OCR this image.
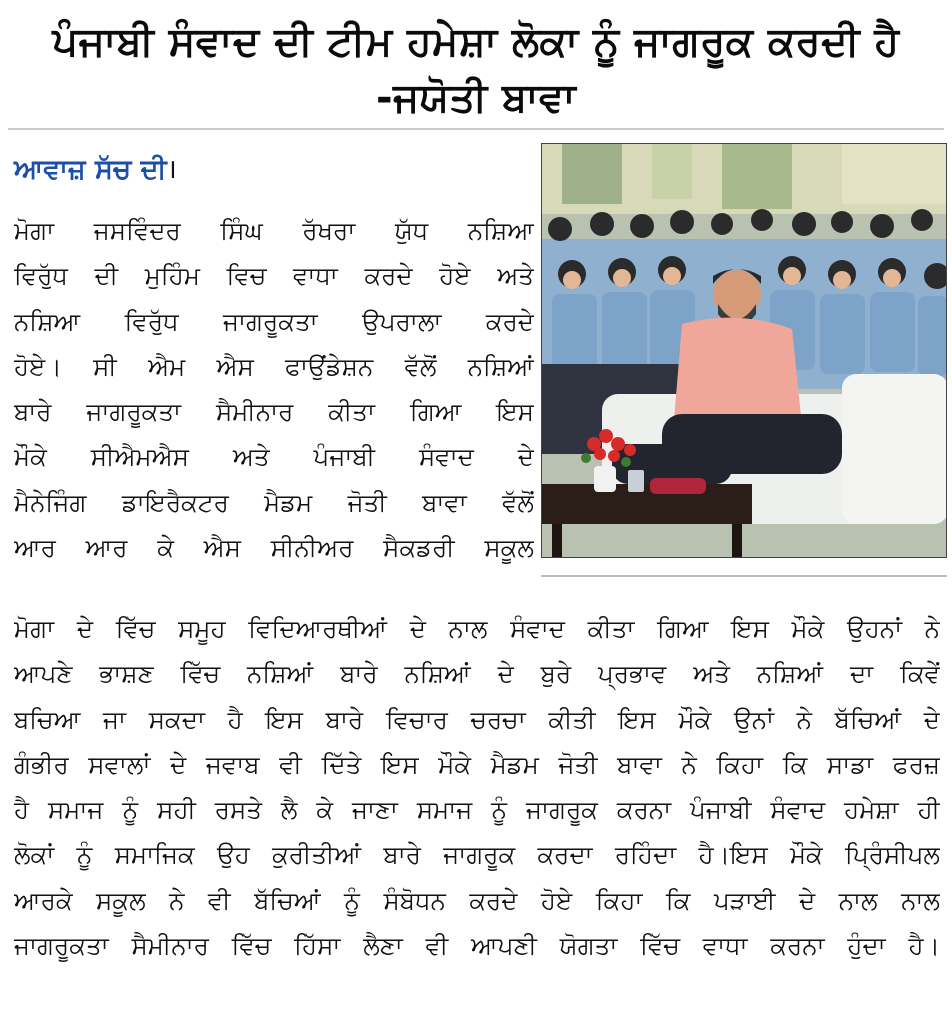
ਪੰਜਾਬੀ ਸੰਵਾਦ ਦੀ ਟੀਮ ਹਮੇਸ਼ਾ ਲੋਕਾ ਨੂੰ ਜਾਗਰੂਕ ਕਰਦੀ ਹੈ
-ਜਯੋਤੀ ਬਾਵਾ
ਆਵਾਜ਼ ਸੱਚ ਦੀ।
ਮੋਗਾ ਜਸਵਿੰਦਰ ਸਿੰਘ ਰੱਖਰਾ ਯੁੱਧ ਨਸ਼ਿਆ
ਵਿਰੁੱਧ ਦੀ ਮੁਹਿੰਮ ਵਿਚ ਵਾਧਾ ਕਰਦੇ ਹੋਏ ਅਤੇ
ਨਸ਼ਿਆ ਵਿਰੁੱਧ ਜਾਗਰੂਕਤਾ ਉਪਰਾਲਾ ਕਰਦੇ
ਹੋਏ। ਸੀ ਐਮ ਐਸ ਫਾਉਂਡੇਸ਼ਨ ਵੱਲੋਂ ਨਸ਼ਿਆਂ
ਬਾਰੇ ਜਾਗਰੂਕਤਾ ਸੈਮੀਨਾਰ ਕੀਤਾ ਗਿਆ ਇਸ
ਮੌਕੇ ਸੀਐਮਐਸ ਅਤੇ ਪੰਜਾਬੀ ਸੰਵਾਦ ਦੇ
ਮੈਨੇਜਿੰਗ ਡਾਇਰੈਕਟਰ ਮੈਡਮ ਜੋਤੀ ਬਾਵਾ ਵੱਲੋਂ
ਆਰ ਆਰ ਕੇ ਐਸ ਸੀਨੀਅਰ ਸੈਕਡਰੀ ਸਕੂਲ
ਮੋਗਾ ਦੇ ਵਿੱਚ ਸਮੂਹ ਵਿਦਿਆਰਥੀਆਂ ਦੇ ਨਾਲ ਸੰਵਾਦ ਕੀਤਾ ਗਿਆ ਇਸ ਮੌਕੇ ਉਹਨਾਂ ਨੇ
ਆਪਣੇ ਭਾਸ਼ਣ ਵਿੱਚ ਨਸ਼ਿਆਂ ਬਾਰੇ ਨਸ਼ਿਆਂ ਦੇ ਬੁਰੇ ਪ੍ਰਭਾਵ ਅਤੇ ਨਸ਼ਿਆਂ ਦਾ ਕਿਵੇਂ
ਬਚਿਆ ਜਾ ਸਕਦਾ ਹੈ ਇਸ ਬਾਰੇ ਵਿਚਾਰ ਚਰਚਾ ਕੀਤੀ ਇਸ ਮੌਕੇ ਉਨਾਂ ਨੇ ਬੱਚਿਆਂ ਦੇ
ਗੰਭੀਰ ਸਵਾਲਾਂ ਦੇ ਜਵਾਬ ਵੀ ਦਿੱਤੇ ਇਸ ਮੌਕੇ ਮੈਡਮ ਜੋਤੀ ਬਾਵਾ ਨੇ ਕਿਹਾ ਕਿ ਸਾਡਾ ਫਰਜ਼
ਹੈ ਸਮਾਜ ਨੂੰ ਸਹੀ ਰਸਤੇ ਲੈ ਕੇ ਜਾਣਾ ਸਮਾਜ ਨੂੰ ਜਾਗਰੂਕ ਕਰਨਾ ਪੰਜਾਬੀ ਸੰਵਾਦ ਹਮੇਸ਼ਾ ਹੀ
ਲੋਕਾਂ ਨੂੰ ਸਮਾਜਿਕ ਉਹ ਕੁਰੀਤੀਆਂ ਬਾਰੇ ਜਾਗਰੂਕ ਕਰਦਾ ਰਹਿੰਦਾ ਹੈ।ਇਸ ਮੌਕੇ ਪ੍ਰਿੰਸੀਪਲ
ਆਰਕੇ ਸਕੂਲ ਨੇ ਵੀ ਬੱਚਿਆਂ ਨੂੰ ਸੰਬੋਧਨ ਕਰਦੇ ਹੋਏ ਕਿਹਾ ਕਿ ਪੜਾਈ ਦੇ ਨਾਲ ਨਾਲ
ਜਾਗਰੂਕਤਾ ਸੈਮੀਨਾਰ ਵਿੱਚ ਹਿੱਸਾ ਲੈਣਾ ਵੀ ਆਪਣੀ ਯੋਗਤਾ ਵਿੱਚ ਵਾਧਾ ਕਰਨਾ ਹੁੰਦਾ ਹੈ।
